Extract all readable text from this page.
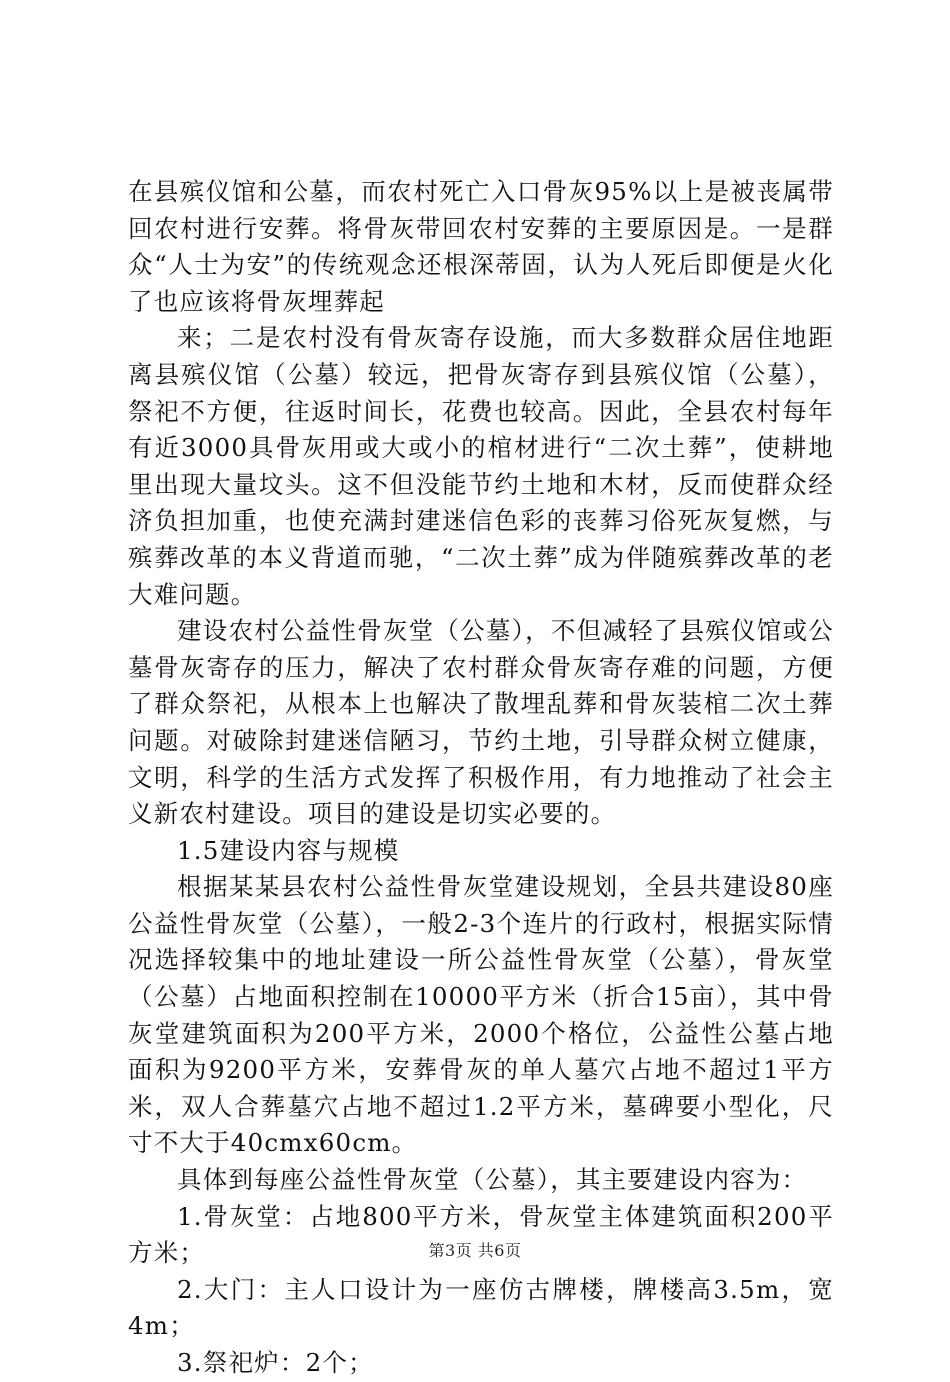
在县殡仪馆和公墓，而农村死亡入口骨灰95%以上是被丧属带回农村进行安葬。将骨灰带回农村安葬的主要原因是。一是群众“人士为安”的传统观念还根深蒂固，认为人死后即便是火化了也应该将骨灰埋葬起

来；二是农村没有骨灰寄存设施，而大多数群众居住地距离县殡仪馆（公墓）较远，把骨灰寄存到县殡仪馆（公墓），祭祀不方便，往返时间长，花费也较高。因此，全县农村每年有近3000具骨灰用或大或小的棺材进行“二次土葬”，使耕地里出现大量坟头。这不但没能节约土地和木材，反而使群众经济负担加重，也使充满封建迷信色彩的丧葬习俗死灰复燃，与殡葬改革的本义背道而驰，“二次土葬”成为伴随殡葬改革的老大难问题。

建设农村公益性骨灰堂（公墓），不但减轻了县殡仪馆或公墓骨灰寄存的压力，解决了农村群众骨灰寄存难的问题，方便了群众祭祀，从根本上也解决了散埋乱葬和骨灰装棺二次土葬问题。对破除封建迷信陋习，节约土地，引导群众树立健康，文明，科学的生活方式发挥了积极作用，有力地推动了社会主义新农村建设。项目的建设是切实必要的。

1.5建设内容与规模

根据某某县农村公益性骨灰堂建设规划，全县共建设80座公益性骨灰堂（公墓），一般2-3个连片的行政村，根据实际情况选择较集中的地址建设一所公益性骨灰堂（公墓），骨灰堂（公墓）占地面积控制在10000平方米（折合15亩），其中骨灰堂建筑面积为200平方米，2000个格位，公益性公墓占地面积为9200平方米，安葬骨灰的单人墓穴占地不超过1平方米，双人合葬墓穴占地不超过1.2平方米，墓碑要小型化，尺寸不大于40cmx60cm。

具体到每座公益性骨灰堂（公墓），其主要建设内容为：

1.骨灰堂：占地800平方米，骨灰堂主体建筑面积200平方米；

2.大门：主人口设计为一座仿古牌楼，牌楼高3.5m，宽4m；

3.祭祀炉：2个；

第3页 共6页
